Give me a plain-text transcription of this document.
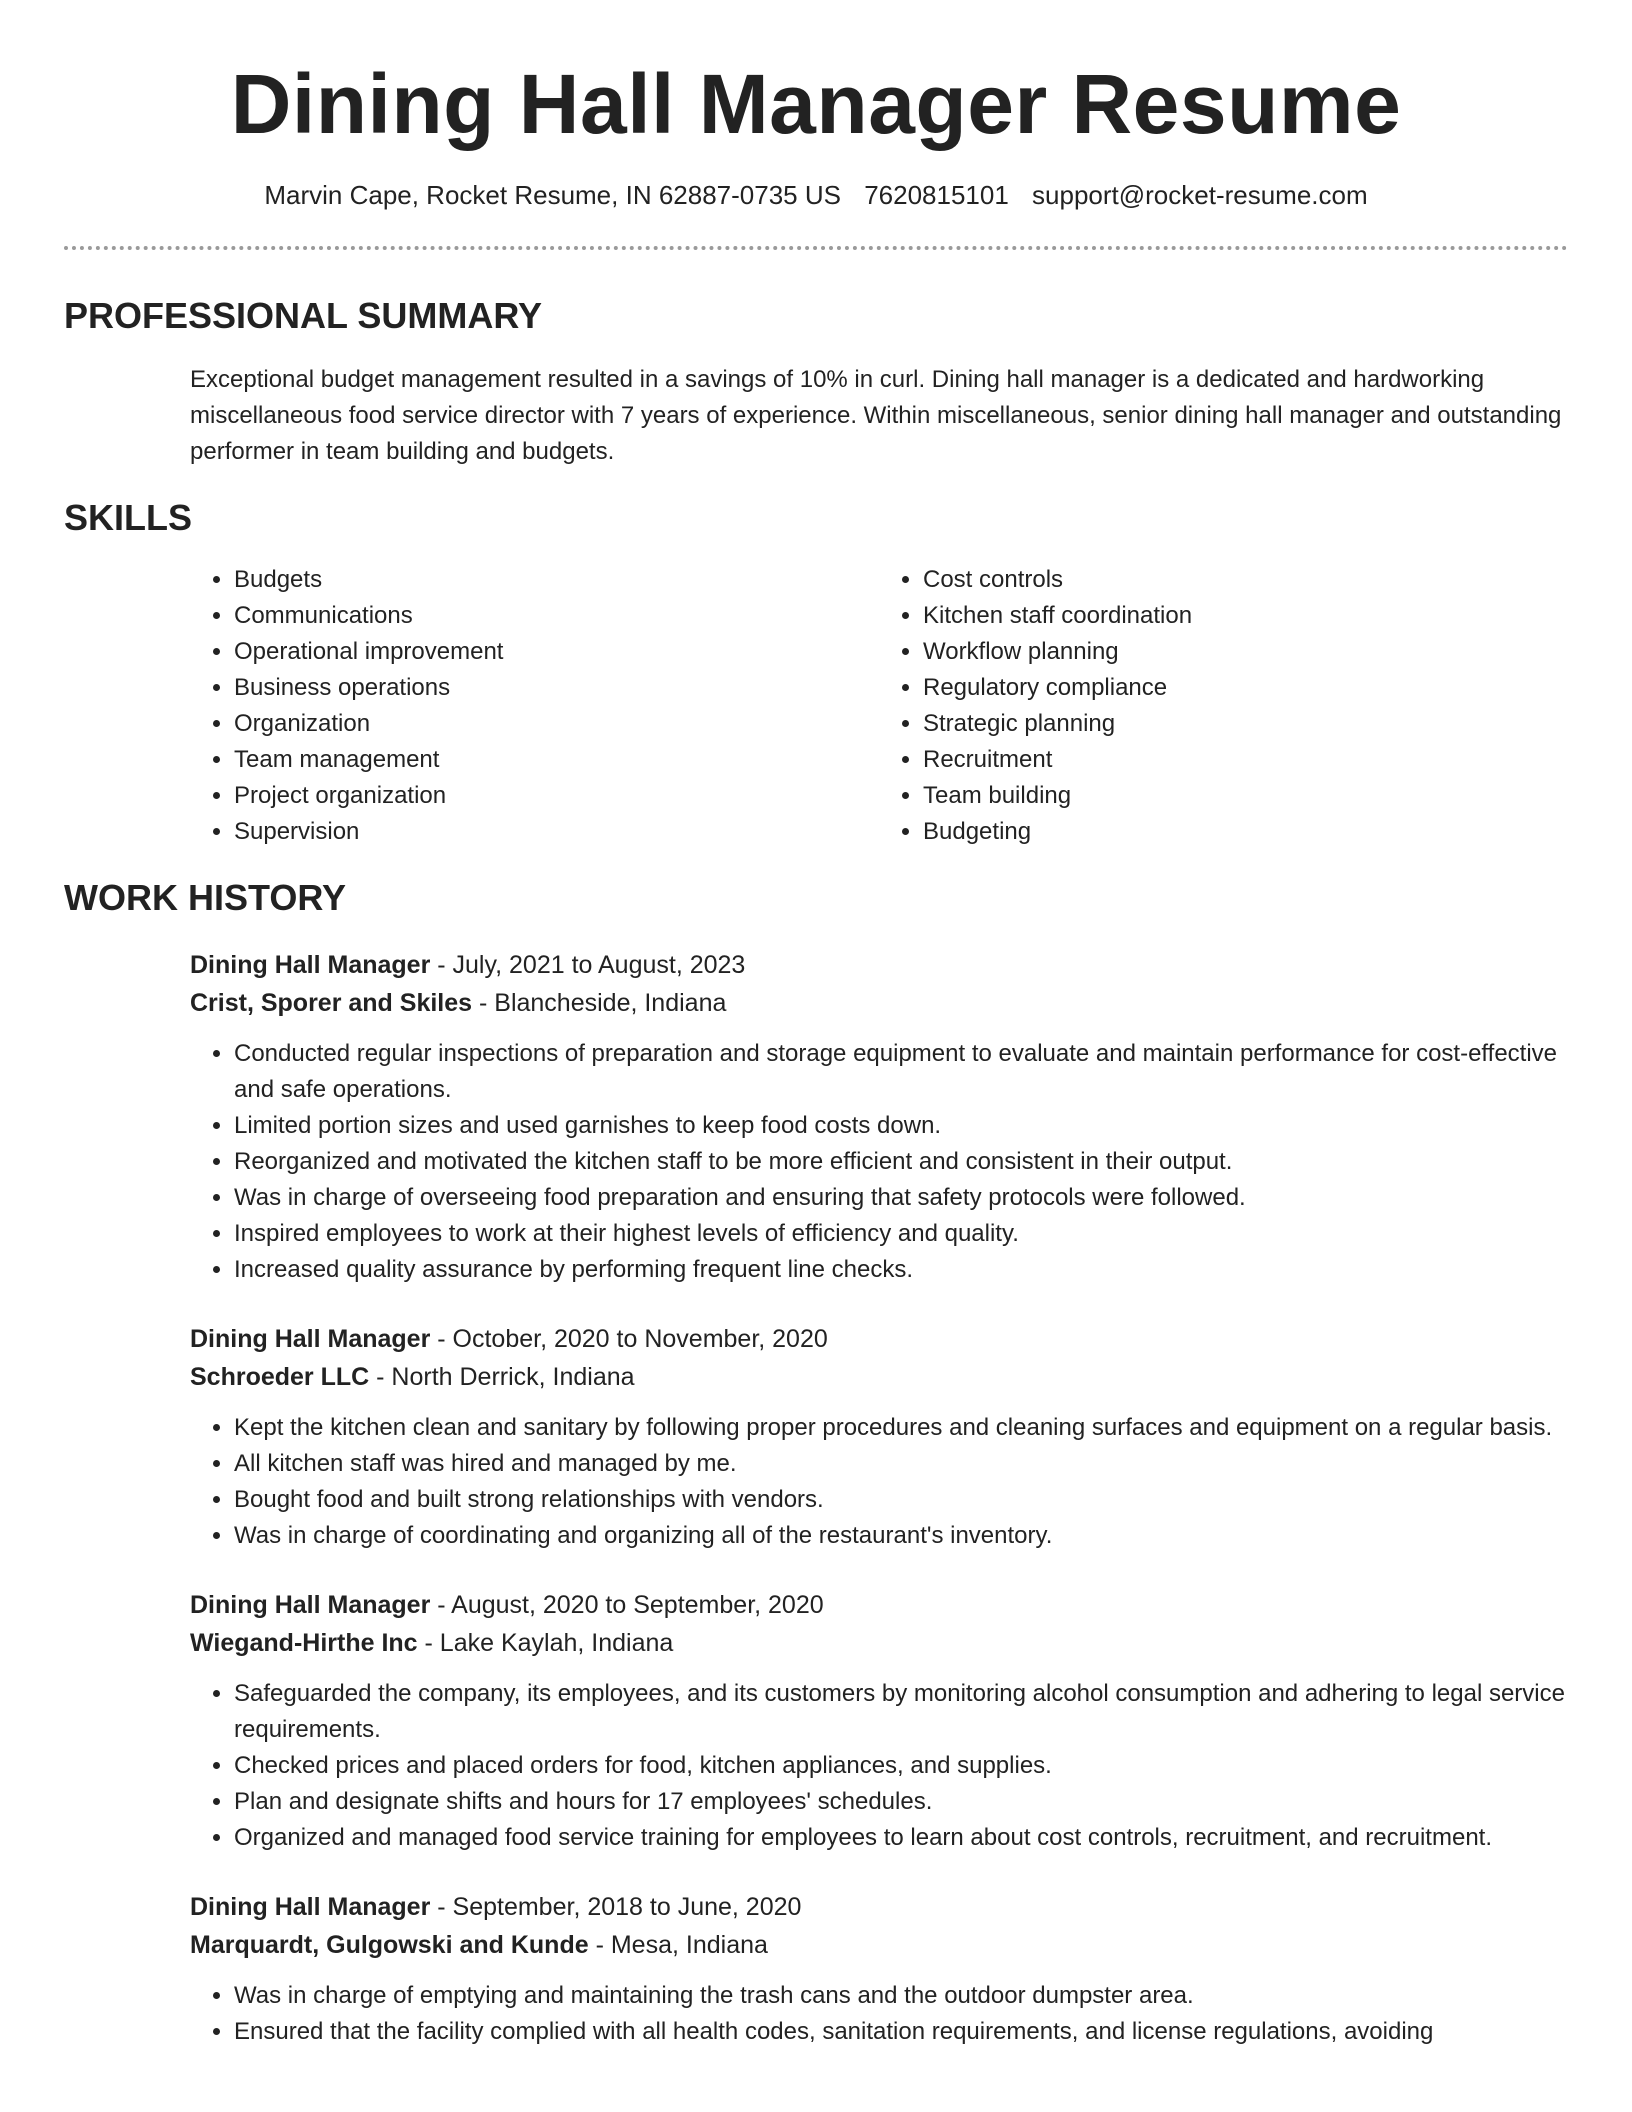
Dining Hall Manager Resume
Marvin Cape, Rocket Resume, IN 62887-0735 US 7620815101 support@rocket-resume.com
PROFESSIONAL SUMMARY

Exceptional budget management resulted in a savings of 10% in curl. Dining hall manager is a dedicated and hardworking miscellaneous food service director with 7 years of experience. Within miscellaneous, senior dining hall manager and outstanding performer in team building and budgets.

SKILLS
• Budgets
• Communications
• Operational improvement
• Business operations
• Organization
• Team management
• Project organization
• Supervision
• Cost controls
• Kitchen staff coordination
• Workflow planning
• Regulatory compliance
• Strategic planning
• Recruitment
• Team building
• Budgeting
WORK HISTORY
Dining Hall Manager - July, 2021 to August, 2023
Crist, Sporer and Skiles - Blancheside, Indiana
• Conducted regular inspections of preparation and storage equipment to evaluate and maintain performance for cost-effective and safe operations.
• Limited portion sizes and used garnishes to keep food costs down.
• Reorganized and motivated the kitchen staff to be more efficient and consistent in their output.
• Was in charge of overseeing food preparation and ensuring that safety protocols were followed.
• Inspired employees to work at their highest levels of efficiency and quality.
• Increased quality assurance by performing frequent line checks.
Dining Hall Manager - October, 2020 to November, 2020
Schroeder LLC - North Derrick, Indiana
• Kept the kitchen clean and sanitary by following proper procedures and cleaning surfaces and equipment on a regular basis.
• All kitchen staff was hired and managed by me.
• Bought food and built strong relationships with vendors.
• Was in charge of coordinating and organizing all of the restaurant's inventory.
Dining Hall Manager - August, 2020 to September, 2020
Wiegand-Hirthe Inc - Lake Kaylah, Indiana
• Safeguarded the company, its employees, and its customers by monitoring alcohol consumption and adhering to legal service requirements.
• Checked prices and placed orders for food, kitchen appliances, and supplies.
• Plan and designate shifts and hours for 17 employees' schedules.
• Organized and managed food service training for employees to learn about cost controls, recruitment, and recruitment.
Dining Hall Manager - September, 2018 to June, 2020
Marquardt, Gulgowski and Kunde - Mesa, Indiana
• Was in charge of emptying and maintaining the trash cans and the outdoor dumpster area.
• Ensured that the facility complied with all health codes, sanitation requirements, and license regulations, avoiding
